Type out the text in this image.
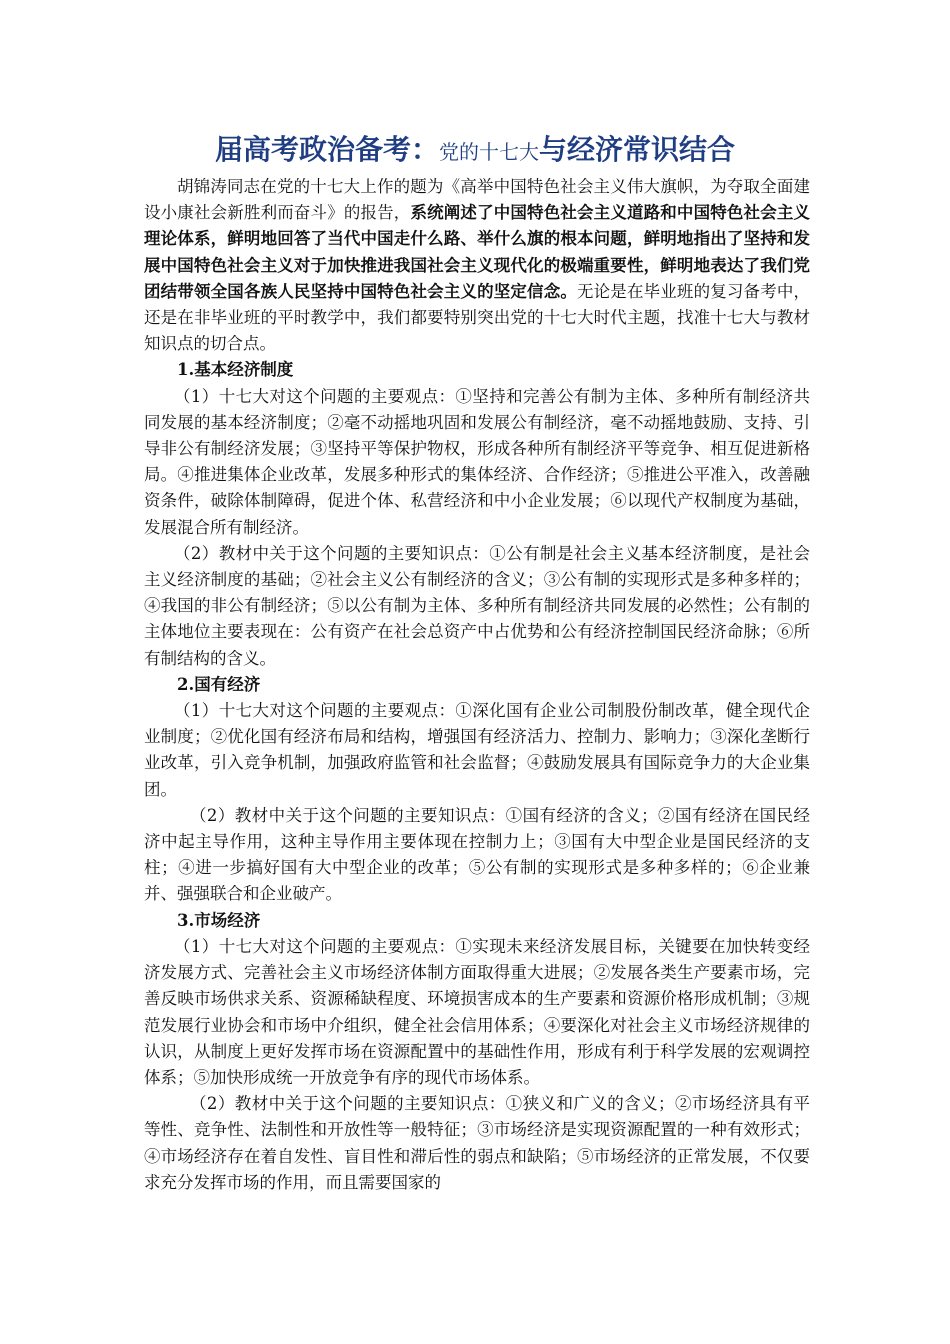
届高考政治备考：党的十七大与经济常识结合

胡锦涛同志在党的十七大上作的题为《高举中国特色社会主义伟大旗帜，为夺取全面建设小康社会新胜利而奋斗》的报告，系统阐述了中国特色社会主义道路和中国特色社会主义理论体系，鲜明地回答了当代中国走什么路、举什么旗的根本问题，鲜明地指出了坚持和发展中国特色社会主义对于加快推进我国社会主义现代化的极端重要性，鲜明地表达了我们党团结带领全国各族人民坚持中国特色社会主义的坚定信念。无论是在毕业班的复习备考中，还是在非毕业班的平时教学中，我们都要特别突出党的十七大时代主题，找准十七大与教材知识点的切合点。

1.基本经济制度

（1）十七大对这个问题的主要观点：①坚持和完善公有制为主体、多种所有制经济共同发展的基本经济制度；②毫不动摇地巩固和发展公有制经济，毫不动摇地鼓励、支持、引导非公有制经济发展；③坚持平等保护物权，形成各种所有制经济平等竞争、相互促进新格局。④推进集体企业改革，发展多种形式的集体经济、合作经济；⑤推进公平准入，改善融资条件，破除体制障碍，促进个体、私营经济和中小企业发展；⑥以现代产权制度为基础，发展混合所有制经济。

（2）教材中关于这个问题的主要知识点：①公有制是社会主义基本经济制度，是社会主义经济制度的基础；②社会主义公有制经济的含义；③公有制的实现形式是多种多样的；④我国的非公有制经济；⑤以公有制为主体、多种所有制经济共同发展的必然性；公有制的主体地位主要表现在：公有资产在社会总资产中占优势和公有经济控制国民经济命脉；⑥所有制结构的含义。

2.国有经济

（1）十七大对这个问题的主要观点：①深化国有企业公司制股份制改革，健全现代企业制度；②优化国有经济布局和结构，增强国有经济活力、控制力、影响力；③深化垄断行业改革，引入竞争机制，加强政府监管和社会监督；④鼓励发展具有国际竞争力的大企业集团。

（2）教材中关于这个问题的主要知识点：①国有经济的含义；②国有经济在国民经济中起主导作用，这种主导作用主要体现在控制力上；③国有大中型企业是国民经济的支柱；④进一步搞好国有大中型企业的改革；⑤公有制的实现形式是多种多样的；⑥企业兼并、强强联合和企业破产。

3.市场经济

（1）十七大对这个问题的主要观点：①实现未来经济发展目标，关键要在加快转变经济发展方式、完善社会主义市场经济体制方面取得重大进展；②发展各类生产要素市场，完善反映市场供求关系、资源稀缺程度、环境损害成本的生产要素和资源价格形成机制；③规范发展行业协会和市场中介组织，健全社会信用体系；④要深化对社会主义市场经济规律的认识，从制度上更好发挥市场在资源配置中的基础性作用，形成有利于科学发展的宏观调控体系；⑤加快形成统一开放竞争有序的现代市场体系。

（2）教材中关于这个问题的主要知识点：①狭义和广义的含义；②市场经济具有平等性、竞争性、法制性和开放性等一般特征；③市场经济是实现资源配置的一种有效形式；④市场经济存在着自发性、盲目性和滞后性的弱点和缺陷；⑤市场经济的正常发展，不仅要求充分发挥市场的作用，而且需要国家的
